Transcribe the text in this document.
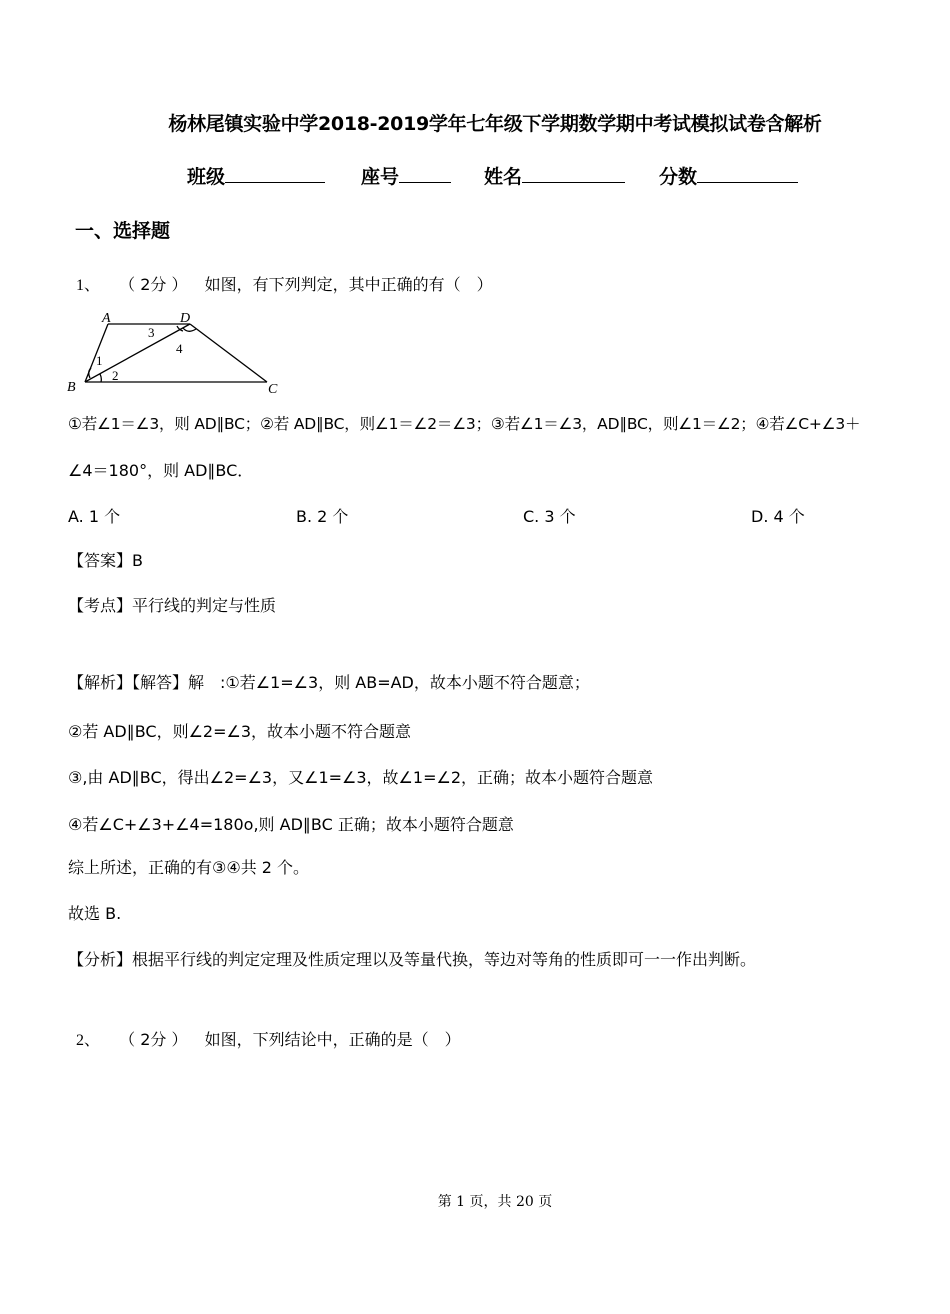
杨林尾镇实验中学2018-2019学年七年级下学期数学期中考试模拟试卷含解析
班级	座号	姓名	分数
一、选择题
1、 （ 2分 ） 如图，有下列判定，其中正确的有（　）
A	D
B	C
1
2
3
4
①若∠1＝∠3，则 AD∥BC；②若 AD∥BC，则∠1＝∠2＝∠3；③若∠1＝∠3，AD∥BC，则∠1＝∠2；④若∠C+∠3＋
∠4＝180°，则 AD∥BC．
A. 1 个	B. 2 个	C. 3 个	D. 4 个
【答案】B
【考点】平行线的判定与性质
【解析】【解答】解　:①若∠1=∠3，则 AB=AD，故本小题不符合题意；
②若 AD∥BC，则∠2=∠3，故本小题不符合题意
③,由 AD∥BC，得出∠2=∠3，又∠1=∠3，故∠1=∠2，正确；故本小题符合题意
④若∠C+∠3+∠4=180o,则 AD∥BC 正确；故本小题符合题意
综上所述，正确的有③④共 2 个。
故选 B.
【分析】根据平行线的判定定理及性质定理以及等量代换，等边对等角的性质即可一一作出判断。
2、 （ 2分 ） 如图，下列结论中，正确的是（　）
第 1 页，共 20 页
